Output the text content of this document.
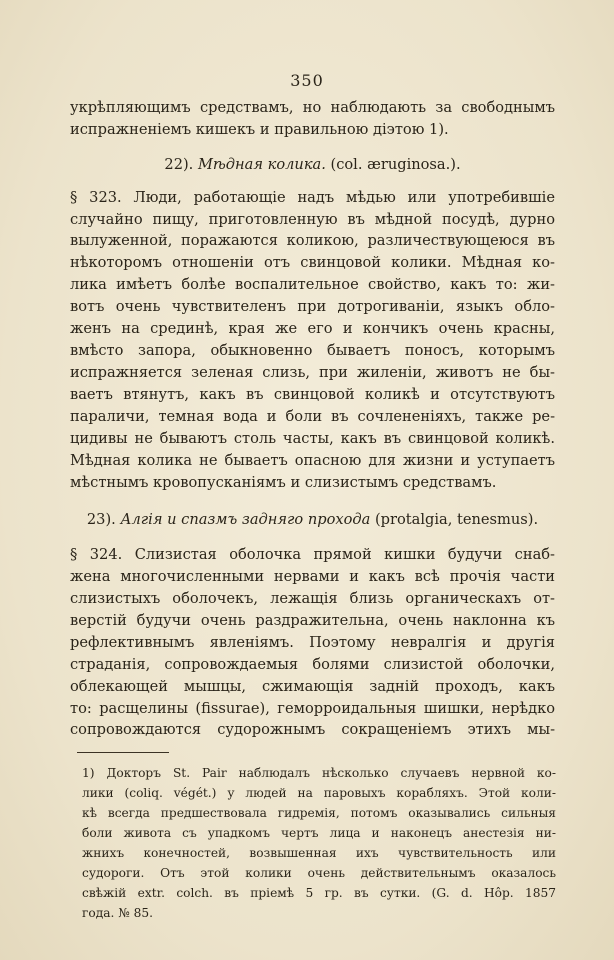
350
укрѣпляющимъ средствамъ, но наблюдають за свободнымъ
испражненіемъ кишекъ и правильною діэтою 1).
22). Мѣдная колика. (col. æruginosa.).
§ 323. Люди, работающіе надъ мѣдью или употребившіе
случайно пищу, приготовленную въ мѣдной посудѣ, дурно
вылуженной, поражаются коликою, различествующеюся въ
нѣкоторомъ отношеніи отъ свинцовой колики. Мѣдная ко-
лика имѣетъ болѣе воспалительное свойство, какъ то: жи-
вотъ очень чувствителенъ при дотрогиваніи, языкъ обло-
женъ на срединѣ, края же его и кончикъ очень красны,
вмѣсто запора, обыкновенно бываетъ поносъ, которымъ
испражняется зеленая слизь, при жиленіи, животъ не бы-
ваетъ втянутъ, какъ въ свинцовой коликѣ и отсутствуютъ
параличи, темная вода и боли въ сочлененіяхъ, также ре-
цидивы не бываютъ столь часты, какъ въ свинцовой коликѣ.
Мѣдная колика не бываетъ опасною для жизни и уступаетъ
мѣстнымъ кровопусканіямъ и слизистымъ средствамъ.
23). Алгія и спазмъ задняго прохода (protalgia, tenesmus).
§ 324. Слизистая оболочка прямой кишки будучи снаб-
жена многочисленными нервами и какъ всѣ прочія части
слизистыхъ оболочекъ, лежащія близь органическахъ от-
верстій будучи очень раздражительна, очень наклонна къ
рефлективнымъ явленіямъ. Поэтому невралгія и другія
страданія, сопровождаемыя болями слизистой оболочки,
облекающей мышцы, сжимающія задній проходъ, какъ
то: расщелины (fissurae), геморроидальныя шишки, нерѣдко
сопровождаются судорожнымъ сокращеніемъ этихъ мы-
1) Докторъ St. Pair наблюдалъ нѣсколько случаевъ нервной ко-
лики (coliq. végét.) у людей на паровыхъ корабляхъ. Этой коли-
кѣ всегда предшествовала гидремія, потомъ оказывались сильныя
боли живота съ упадкомъ чертъ лица и наконецъ анестезія ни-
жнихъ конечностей, возвышенная ихъ чувствительность или
судороги. Отъ этой колики очень действительнымъ оказалось
свѣжій extr. colch. въ пріемѣ 5 гр. въ сутки. (G. d. Hôp. 1857
года. № 85.
